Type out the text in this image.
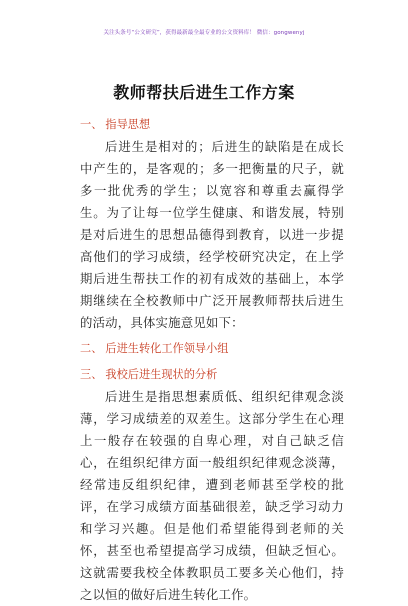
关注头条号“公文研究”，获得最新最全最专业的公文资料库！ 微信：gongwenyj
教师帮扶后进生工作方案
一、 指导思想

后进生是相对的；后进生的缺陷是在成长中产生的，是客观的；多一把衡量的尺子，就多一批优秀的学生；以宽容和尊重去赢得学生。为了让每一位学生健康、和谐发展，特别是对后进生的思想品德得到教育，以进一步提高他们的学习成绩，经学校研究决定，在上学期后进生帮扶工作的初有成效的基础上，本学期继续在全校教师中广泛开展教师帮扶后进生的活动，具体实施意见如下：

二、 后进生转化工作领导小组
三、 我校后进生现状的分析

后进生是指思想素质低、组织纪律观念淡薄，学习成绩差的双差生。这部分学生在心理上一般存在较强的自卑心理，对自己缺乏信心，在组织纪律方面一般组织纪律观念淡薄，经常违反组织纪律，遭到老师甚至学校的批评，在学习成绩方面基础很差，缺乏学习动力和学习兴趣。但是他们希望能得到老师的关怀，甚至也希望提高学习成绩，但缺乏恒心。这就需要我校全体教职员工要多关心他们，持之以恒的做好后进生转化工作。
